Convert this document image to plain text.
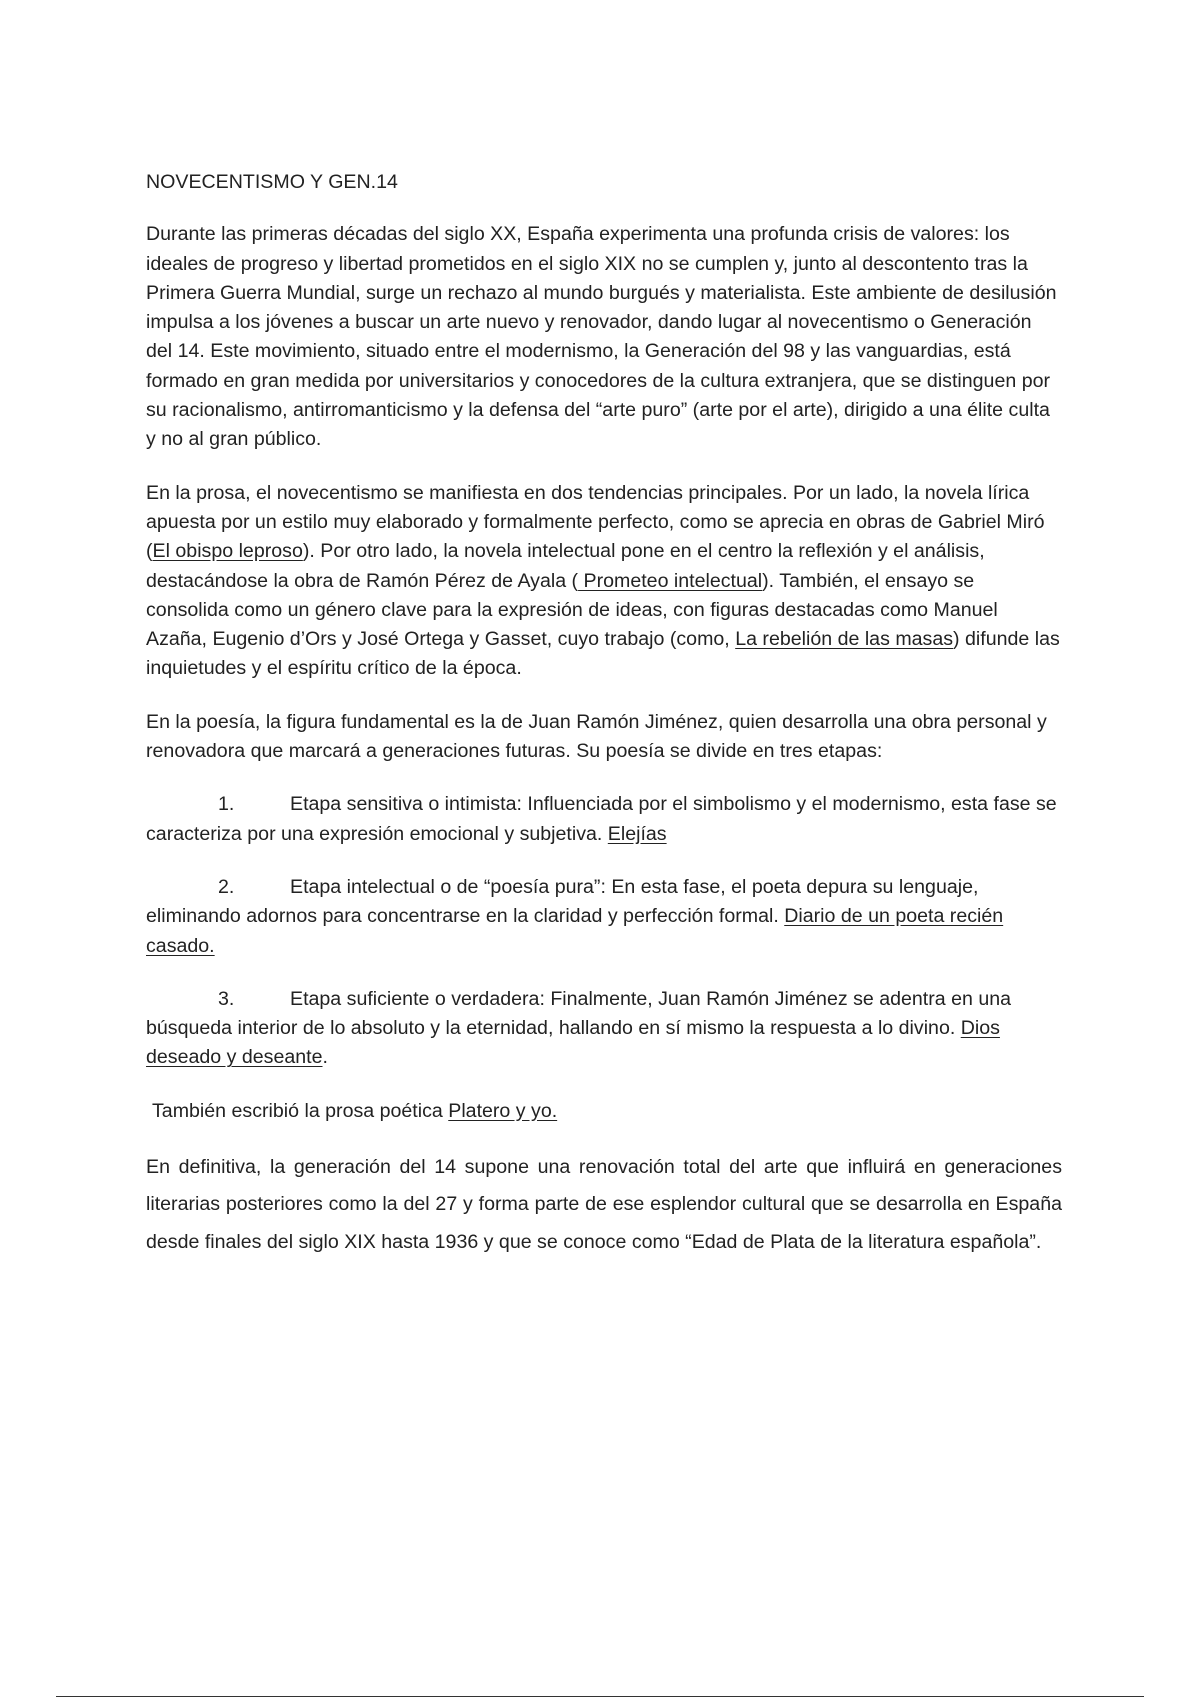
NOVECENTISMO Y GEN.14

Durante las primeras décadas del siglo XX, España experimenta una profunda crisis de valores: los ideales de progreso y libertad prometidos en el siglo XIX no se cumplen y, junto al descontento tras la Primera Guerra Mundial, surge un rechazo al mundo burgués y materialista. Este ambiente de desilusión impulsa a los jóvenes a buscar un arte nuevo y renovador, dando lugar al novecentismo o Generación del 14. Este movimiento, situado entre el modernismo, la Generación del 98 y las vanguardias, está formado en gran medida por universitarios y conocedores de la cultura extranjera, que se distinguen por su racionalismo, antirromanticismo y la defensa del “arte puro” (arte por el arte), dirigido a una élite culta y no al gran público.

En la prosa, el novecentismo se manifiesta en dos tendencias principales. Por un lado, la novela lírica apuesta por un estilo muy elaborado y formalmente perfecto, como se aprecia en obras de Gabriel Miró (El obispo leproso). Por otro lado, la novela intelectual pone en el centro la reflexión y el análisis, destacándose la obra de Ramón Pérez de Ayala ( Prometeo intelectual). También, el ensayo se consolida como un género clave para la expresión de ideas, con figuras destacadas como Manuel Azaña, Eugenio d’Ors y José Ortega y Gasset, cuyo trabajo (como, La rebelión de las masas) difunde las inquietudes y el espíritu crítico de la época.

En la poesía, la figura fundamental es la de Juan Ramón Jiménez, quien desarrolla una obra personal y renovadora que marcará a generaciones futuras. Su poesía se divide en tres etapas:

1.	Etapa sensitiva o intimista: Influenciada por el simbolismo y el modernismo, esta fase se caracteriza por una expresión emocional y subjetiva. Elejías

2.	Etapa intelectual o de “poesía pura”: En esta fase, el poeta depura su lenguaje, eliminando adornos para concentrarse en la claridad y perfección formal. Diario de un poeta recién casado.

3.	Etapa suficiente o verdadera: Finalmente, Juan Ramón Jiménez se adentra en una búsqueda interior de lo absoluto y la eternidad, hallando en sí mismo la respuesta a lo divino. Dios deseado y deseante.

También escribió la prosa poética Platero y yo.

En definitiva, la generación del 14 supone una renovación total del arte que influirá en generaciones literarias posteriores como la del 27 y forma parte de ese esplendor cultural que se desarrolla en España desde finales del siglo XIX hasta 1936 y que se conoce como “Edad de Plata de la literatura española”.
